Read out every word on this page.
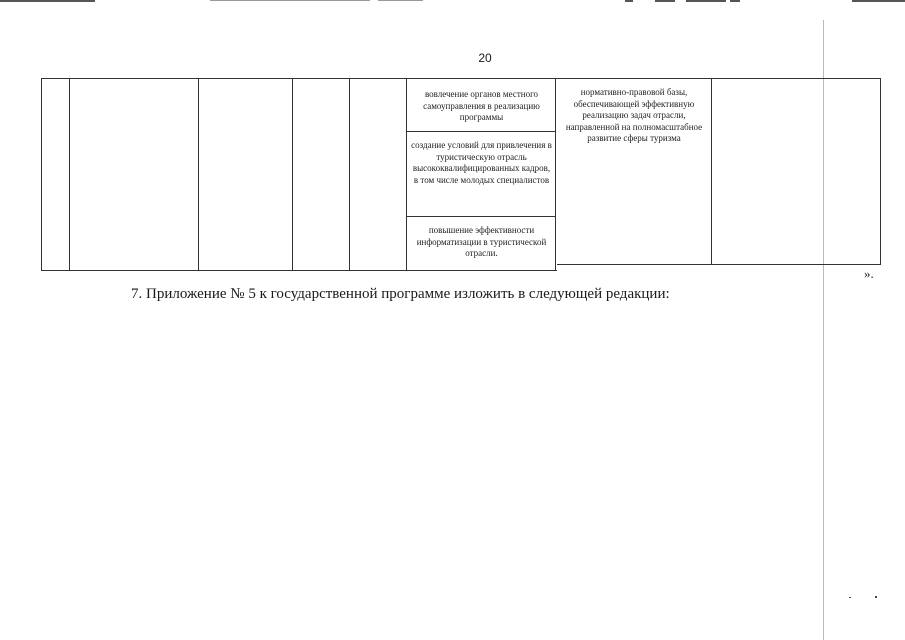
20
вовлечение органов местного самоуправления в реализацию программы
создание условий для привлечения в туристическую отрасль высококвалифицированных кадров, в том числе молодых специалистов
повышение эффективности информатизации в туристической отрасли.
нормативно-правовой базы, обеспечивающей эффективную реализацию задач отрасли, направленной на полномасштабное развитие сферы туризма
».
7. Приложение № 5 к государственной программе изложить в следующей редакции:
